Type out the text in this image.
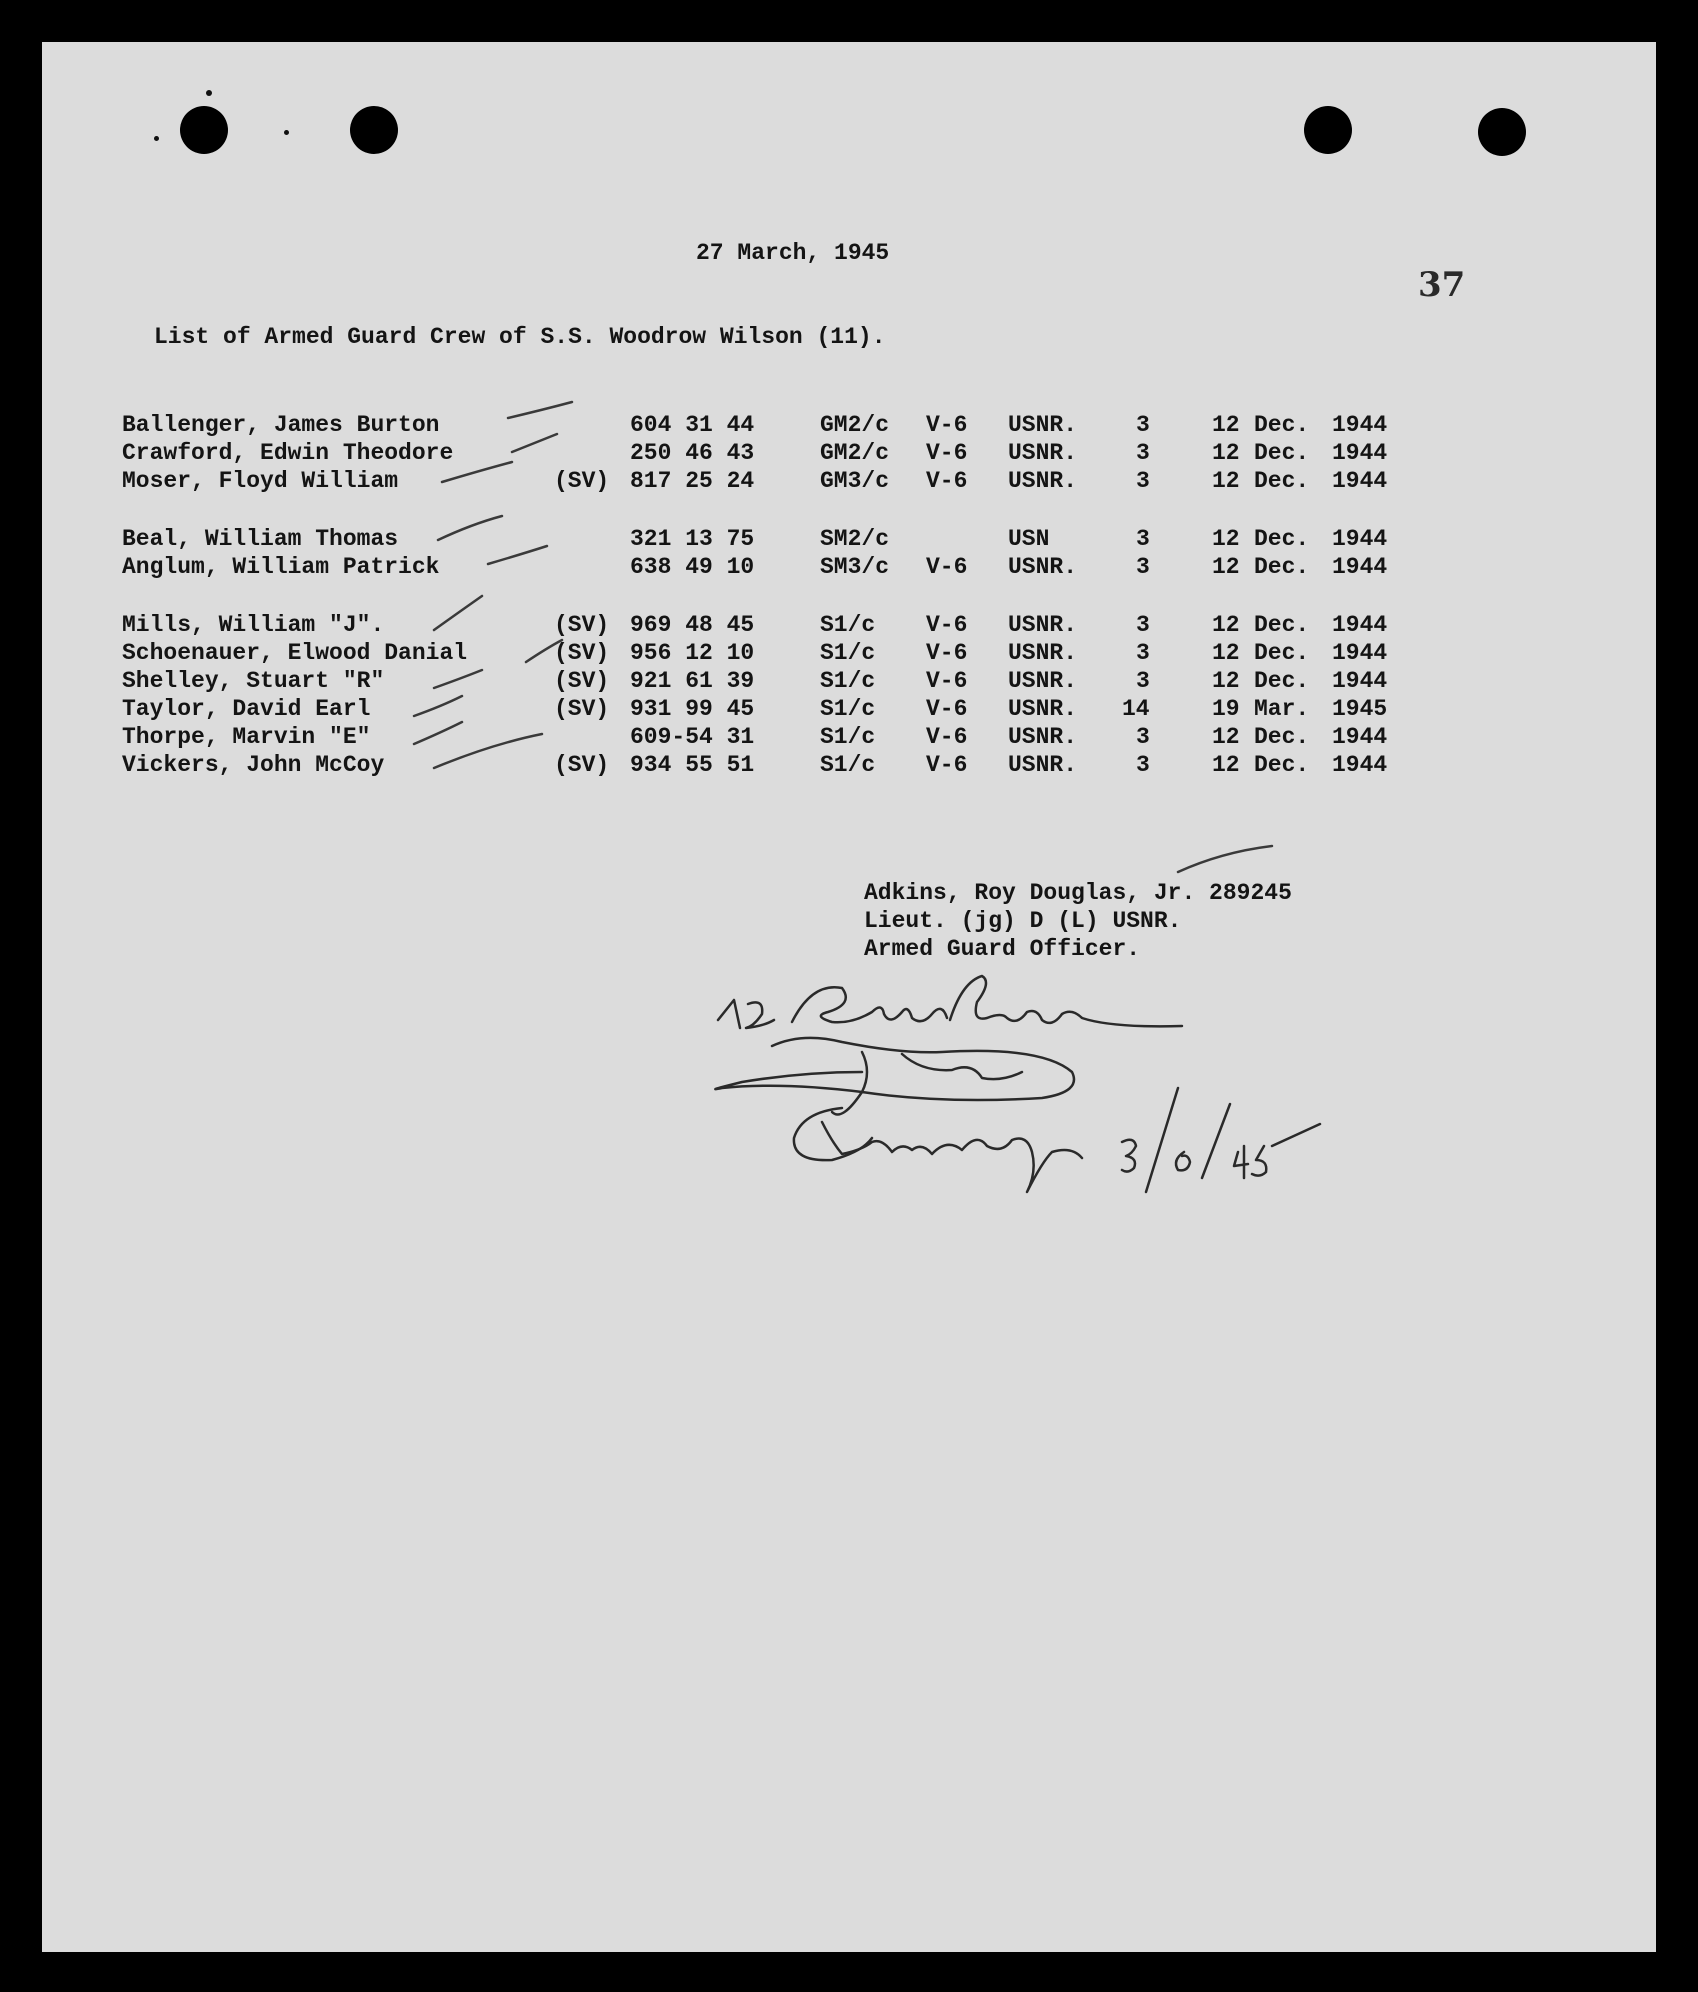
27 March, 1945
37
List of Armed Guard Crew of S.S. Woodrow Wilson (11).
Ballenger, James Burton	604 31 44	GM2/c V-6 USNR.	3	12 Dec. 1944
Crawford, Edwin Theodore	250 46 43	GM2/c V-6 USNR.	3	12 Dec. 1944
Moser, Floyd William	(SV) 817 25 24	GM3/c V-6 USNR.	3	12 Dec. 1944
Beal, William Thomas	321 13 75	SM2/c	USN	3	12 Dec. 1944
Anglum, William Patrick	638 49 10	SM3/c V-6 USNR.	3	12 Dec. 1944
Mills, William "J".	(SV) 969 48 45	S1/c V-6 USNR.	3	12 Dec. 1944
Schoenauer, Elwood Danial	(SV) 956 12 10	S1/c V-6 USNR.	3	12 Dec. 1944
Shelley, Stuart "R"	(SV) 921 61 39	S1/c V-6 USNR.	3	12 Dec. 1944
Taylor, David Earl	(SV) 931 99 45	S1/c V-6 USNR. 14	19 Mar. 1945
Thorpe, Marvin "E"	609-54 31	S1/c V-6 USNR.	3	12 Dec. 1944
Vickers, John McCoy	(SV) 934 55 51	S1/c V-6 USNR.	3	12 Dec. 1944
Adkins, Roy Douglas, Jr. 289245
Lieut. (jg) D (L) USNR.
Armed Guard Officer.
